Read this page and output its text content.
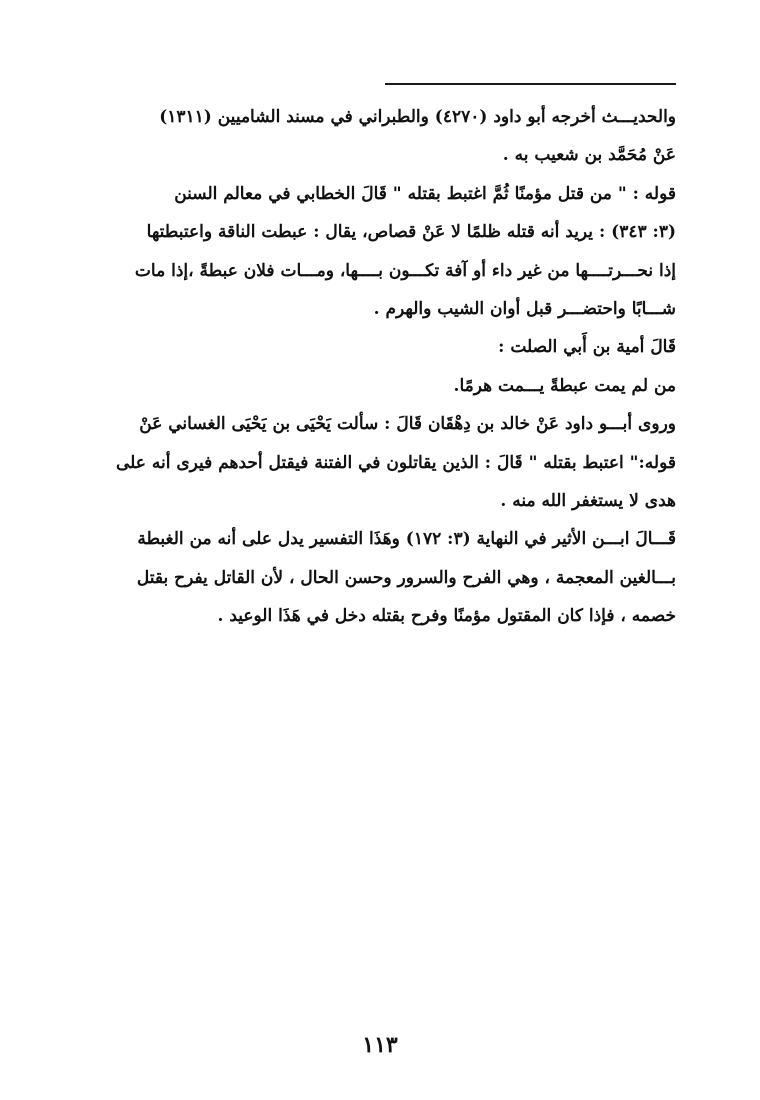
والحديـــث أخرجه أبو داود (٤٢٧٠) والطبراني في مسند الشاميين (١٣١١)
عَنْ مُحَمَّد بن شعيب به .
قوله : " من قتل مؤمنًا ثُمَّ اغتبط بقتله " قَالَ الخطابي في معالم السنن
(٣: ٣٤٣) : يريد أنه قتله ظلمًا لا عَنْ قصاص، يقال : عبطت الناقة واعتبطتها
إذا نحـــرتــــها من غير داء أو آفة تكـــون بــــها، ومـــات فلان عبطةً ،إذا مات
شـــابًا واحتضـــر قبل أوان الشيب والهرم .
قَالَ أمية بن أَبي الصلت :
من لم يمت عبطةً يـــمت هرمًا.
وروى أبـــو داود عَنْ خالد بن دِهْقَان قَالَ : سألت يَحْيَى بن يَحْيَى الغساني عَنْ
قوله:" اعتبط بقتله " قَالَ : الذين يقاتلون في الفتنة فيقتل أحدهم فيرى أنه على
هدى لا يستغفر الله منه .
قَـــالَ ابـــن الأثير في النهاية (٣: ١٧٢) وهَذَا التفسير يدل على أنه من الغبطة
بـــالغين المعجمة ، وهي الفرح والسرور وحسن الحال ، لأن القاتل يفرح بقتل
خصمه ، فإذا كان المقتول مؤمنًا وفرح بقتله دخل في هَذَا الوعيد .
١١٣
